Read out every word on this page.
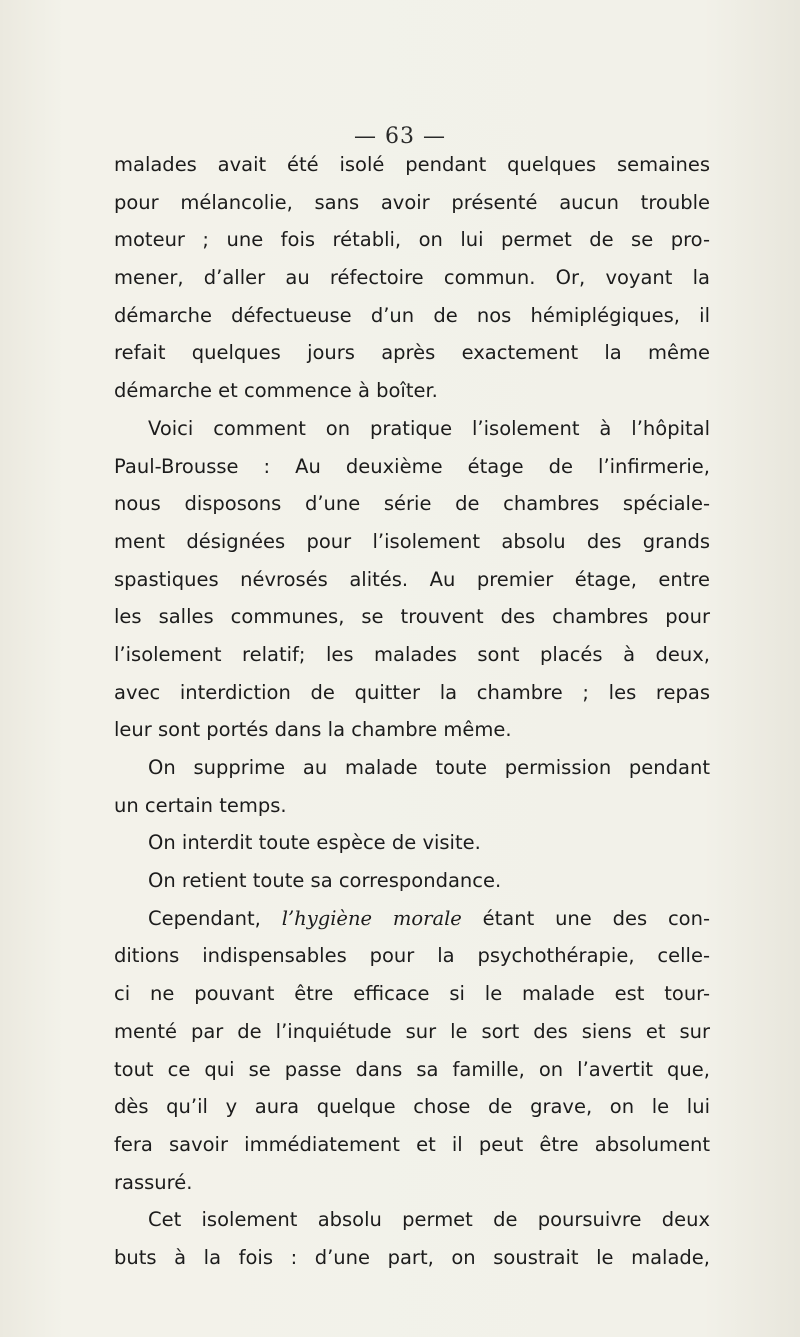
— 63 —
malades avait été isolé pendant quelques semaines
pour mélancolie, sans avoir présenté aucun trouble
moteur ; une fois rétabli, on lui permet de se pro-
mener, d’aller au réfectoire commun. Or, voyant la
démarche défectueuse d’un de nos hémiplégiques, il
refait quelques jours après exactement la même
démarche et commence à boîter.
Voici comment on pratique l’isolement à l’hôpital
Paul-Brousse : Au deuxième étage de l’infirmerie,
nous disposons d’une série de chambres spéciale-
ment désignées pour l’isolement absolu des grands
spastiques névrosés alités. Au premier étage, entre
les salles communes, se trouvent des chambres pour
l’isolement relatif; les malades sont placés à deux,
avec interdiction de quitter la chambre ; les repas
leur sont portés dans la chambre même.
On supprime au malade toute permission pendant
un certain temps.
On interdit toute espèce de visite.
On retient toute sa correspondance.
Cependant, l’hygiène morale étant une des con-
ditions indispensables pour la psychothérapie, celle-
ci ne pouvant être efficace si le malade est tour-
menté par de l’inquiétude sur le sort des siens et sur
tout ce qui se passe dans sa famille, on l’avertit que,
dès qu’il y aura quelque chose de grave, on le lui
fera savoir immédiatement et il peut être absolument
rassuré.
Cet isolement absolu permet de poursuivre deux
buts à la fois : d’une part, on soustrait le malade,
